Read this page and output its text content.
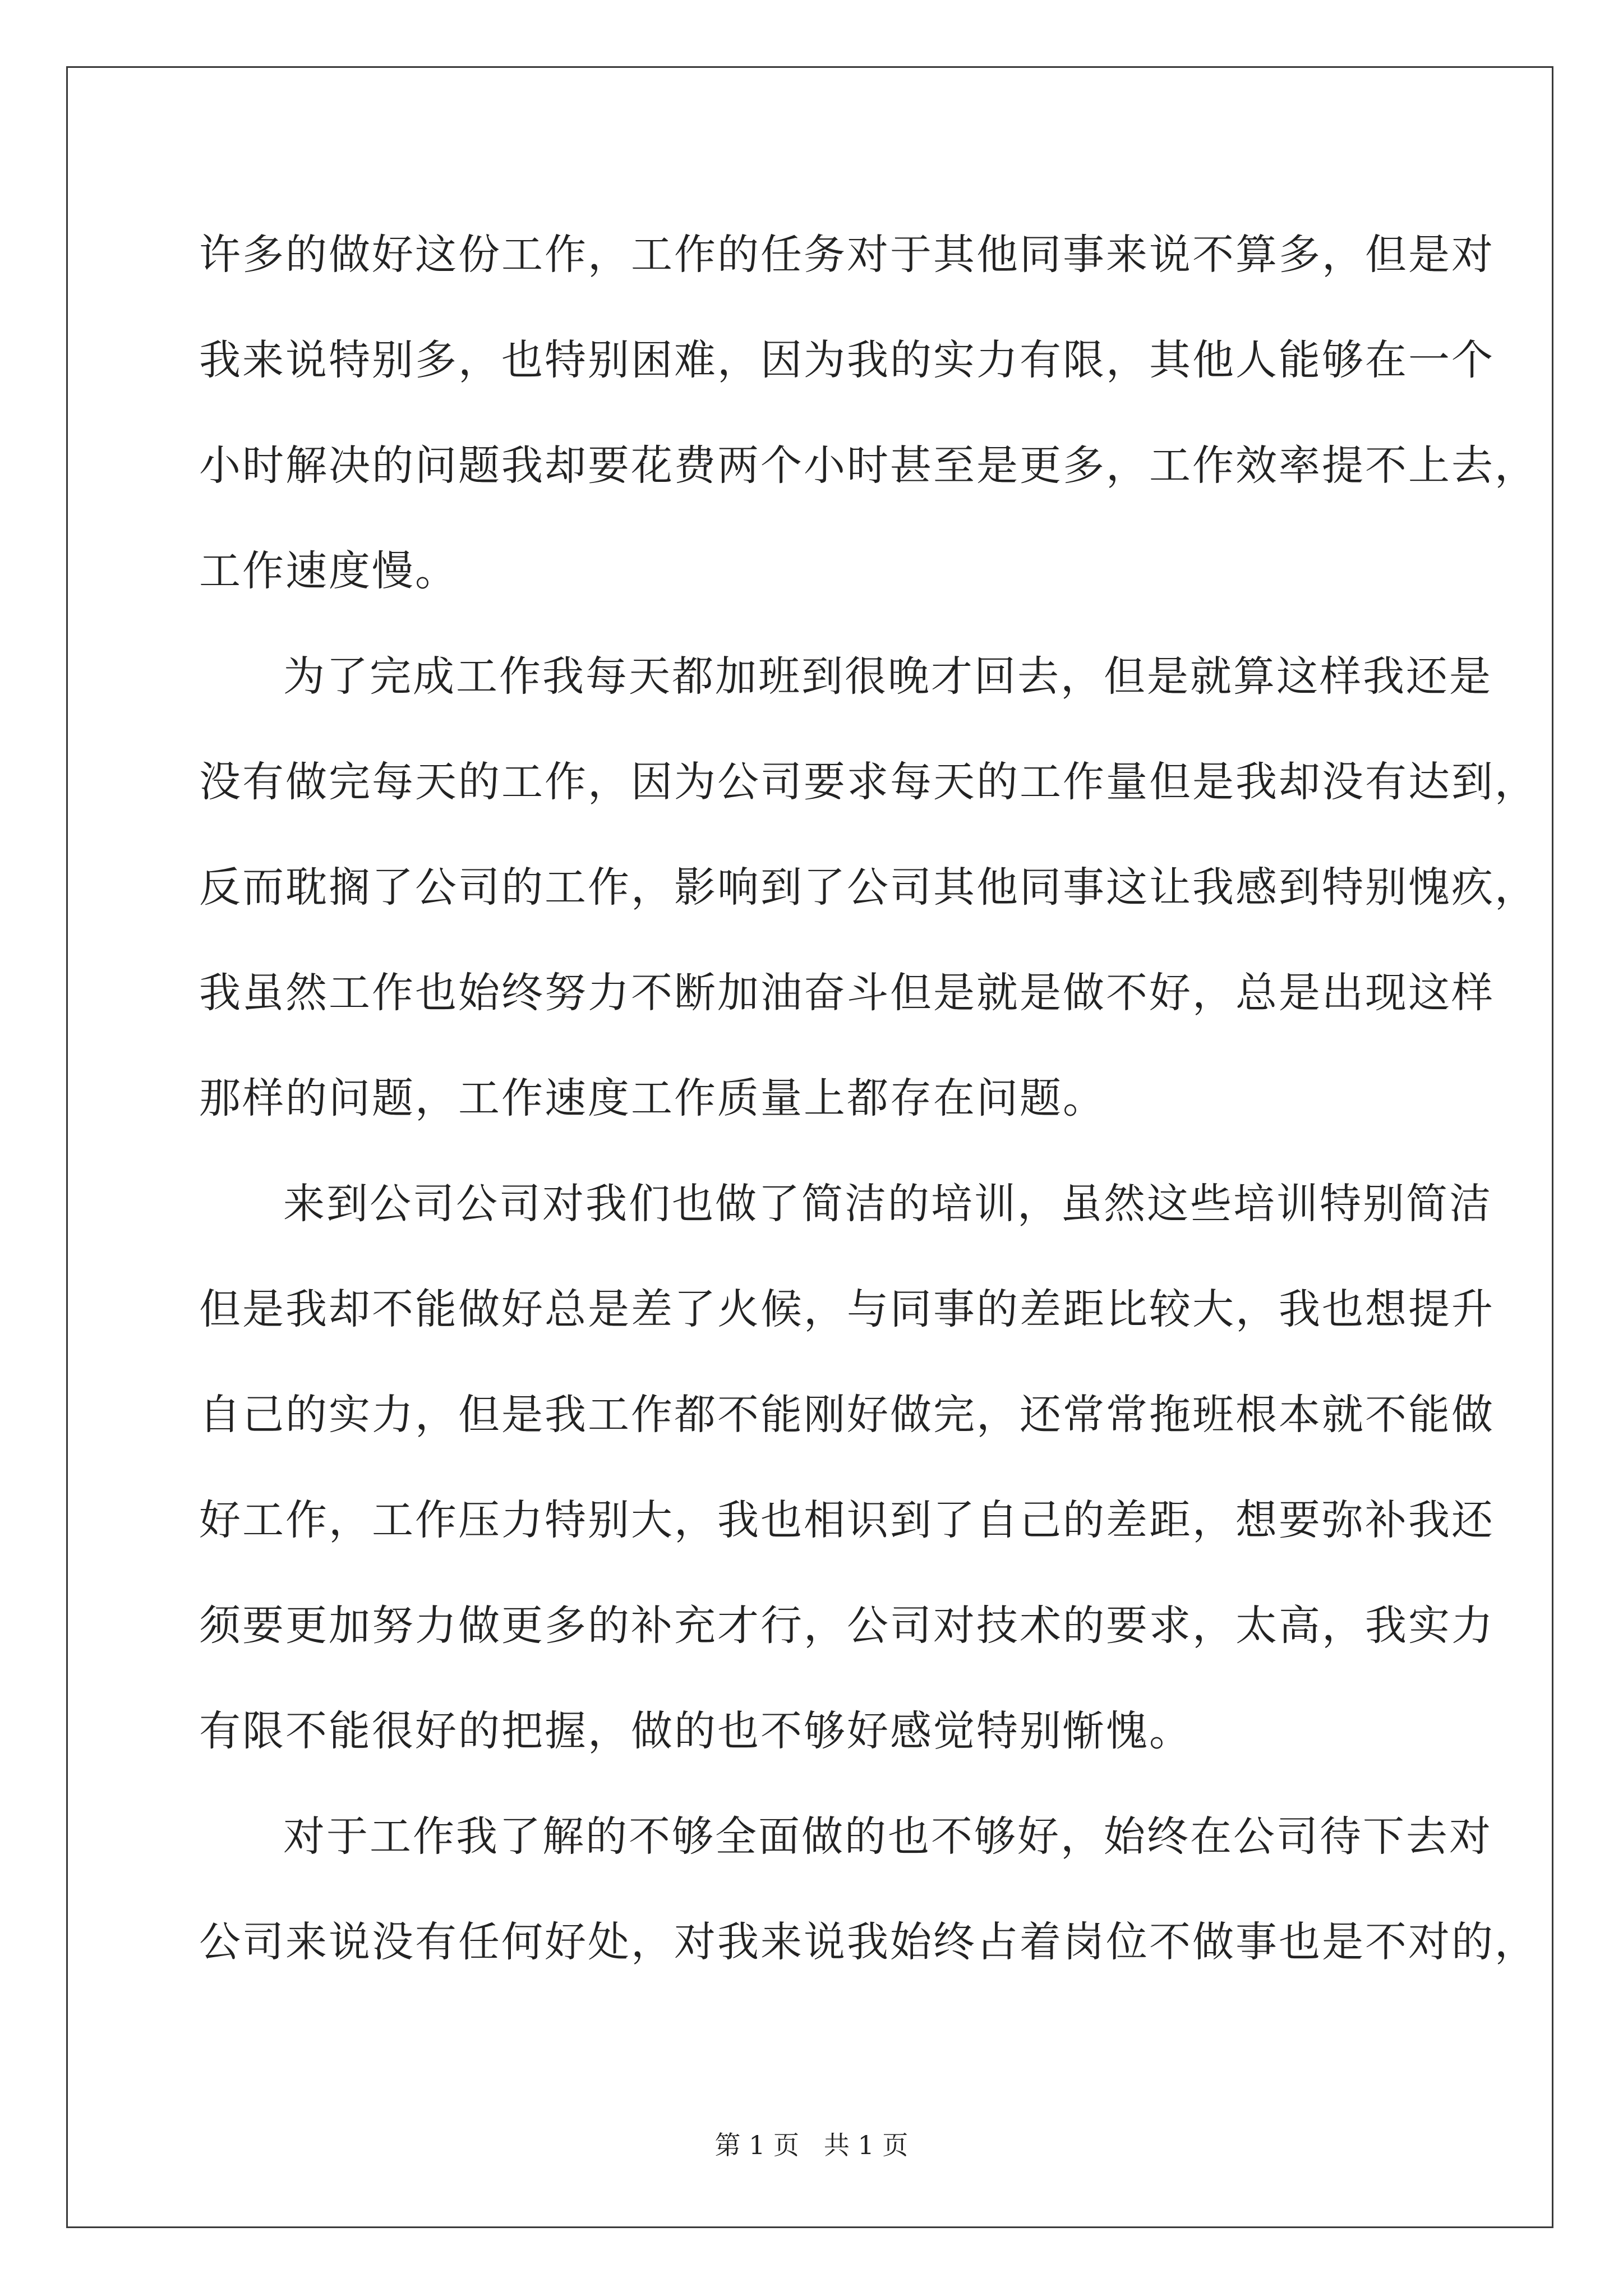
许多的做好这份工作，工作的任务对于其他同事来说不算多，但是对
我来说特别多，也特别困难，因为我的实力有限，其他人能够在一个
小时解决的问题我却要花费两个小时甚至是更多，工作效率提不上去，
工作速度慢。
为了完成工作我每天都加班到很晚才回去，但是就算这样我还是
没有做完每天的工作，因为公司要求每天的工作量但是我却没有达到，
反而耽搁了公司的工作，影响到了公司其他同事这让我感到特别愧疚，
我虽然工作也始终努力不断加油奋斗但是就是做不好，总是出现这样
那样的问题，工作速度工作质量上都存在问题。
来到公司公司对我们也做了简洁的培训，虽然这些培训特别简洁
但是我却不能做好总是差了火候，与同事的差距比较大，我也想提升
自己的实力，但是我工作都不能刚好做完，还常常拖班根本就不能做
好工作，工作压力特别大，我也相识到了自己的差距，想要弥补我还
须要更加努力做更多的补充才行，公司对技术的要求，太高，我实力
有限不能很好的把握，做的也不够好感觉特别惭愧。
对于工作我了解的不够全面做的也不够好，始终在公司待下去对
公司来说没有任何好处，对我来说我始终占着岗位不做事也是不对的，
第 1 页   共 1 页
